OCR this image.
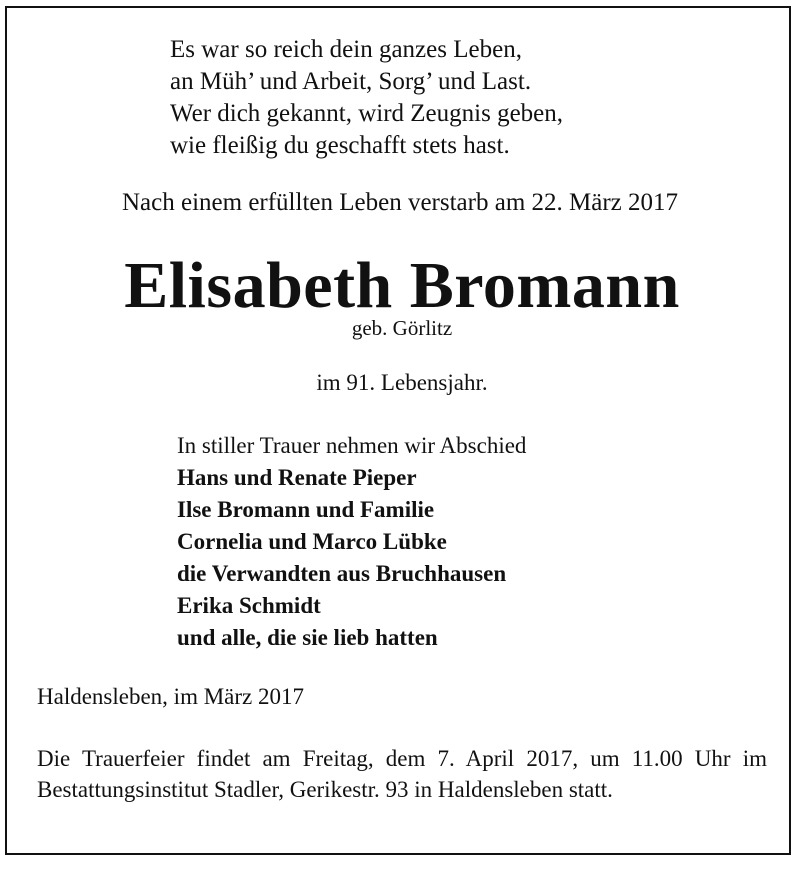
Es war so reich dein ganzes Leben,
an Müh’ und Arbeit, Sorg’ und Last.
Wer dich gekannt, wird Zeugnis geben,
wie fleißig du geschafft stets hast.
Nach einem erfüllten Leben verstarb am 22. März 2017
Elisabeth Bromann
geb. Görlitz
im 91. Lebensjahr.
In stiller Trauer nehmen wir Abschied
Hans und Renate Pieper
Ilse Bromann und Familie
Cornelia und Marco Lübke
die Verwandten aus Bruchhausen
Erika Schmidt
und alle, die sie lieb hatten
Haldensleben, im März 2017
Die Trauerfeier findet am Freitag, dem 7. April 2017, um 11.00 Uhr im Bestattungsinstitut Stadler, Gerikestr. 93 in Haldensleben statt.
